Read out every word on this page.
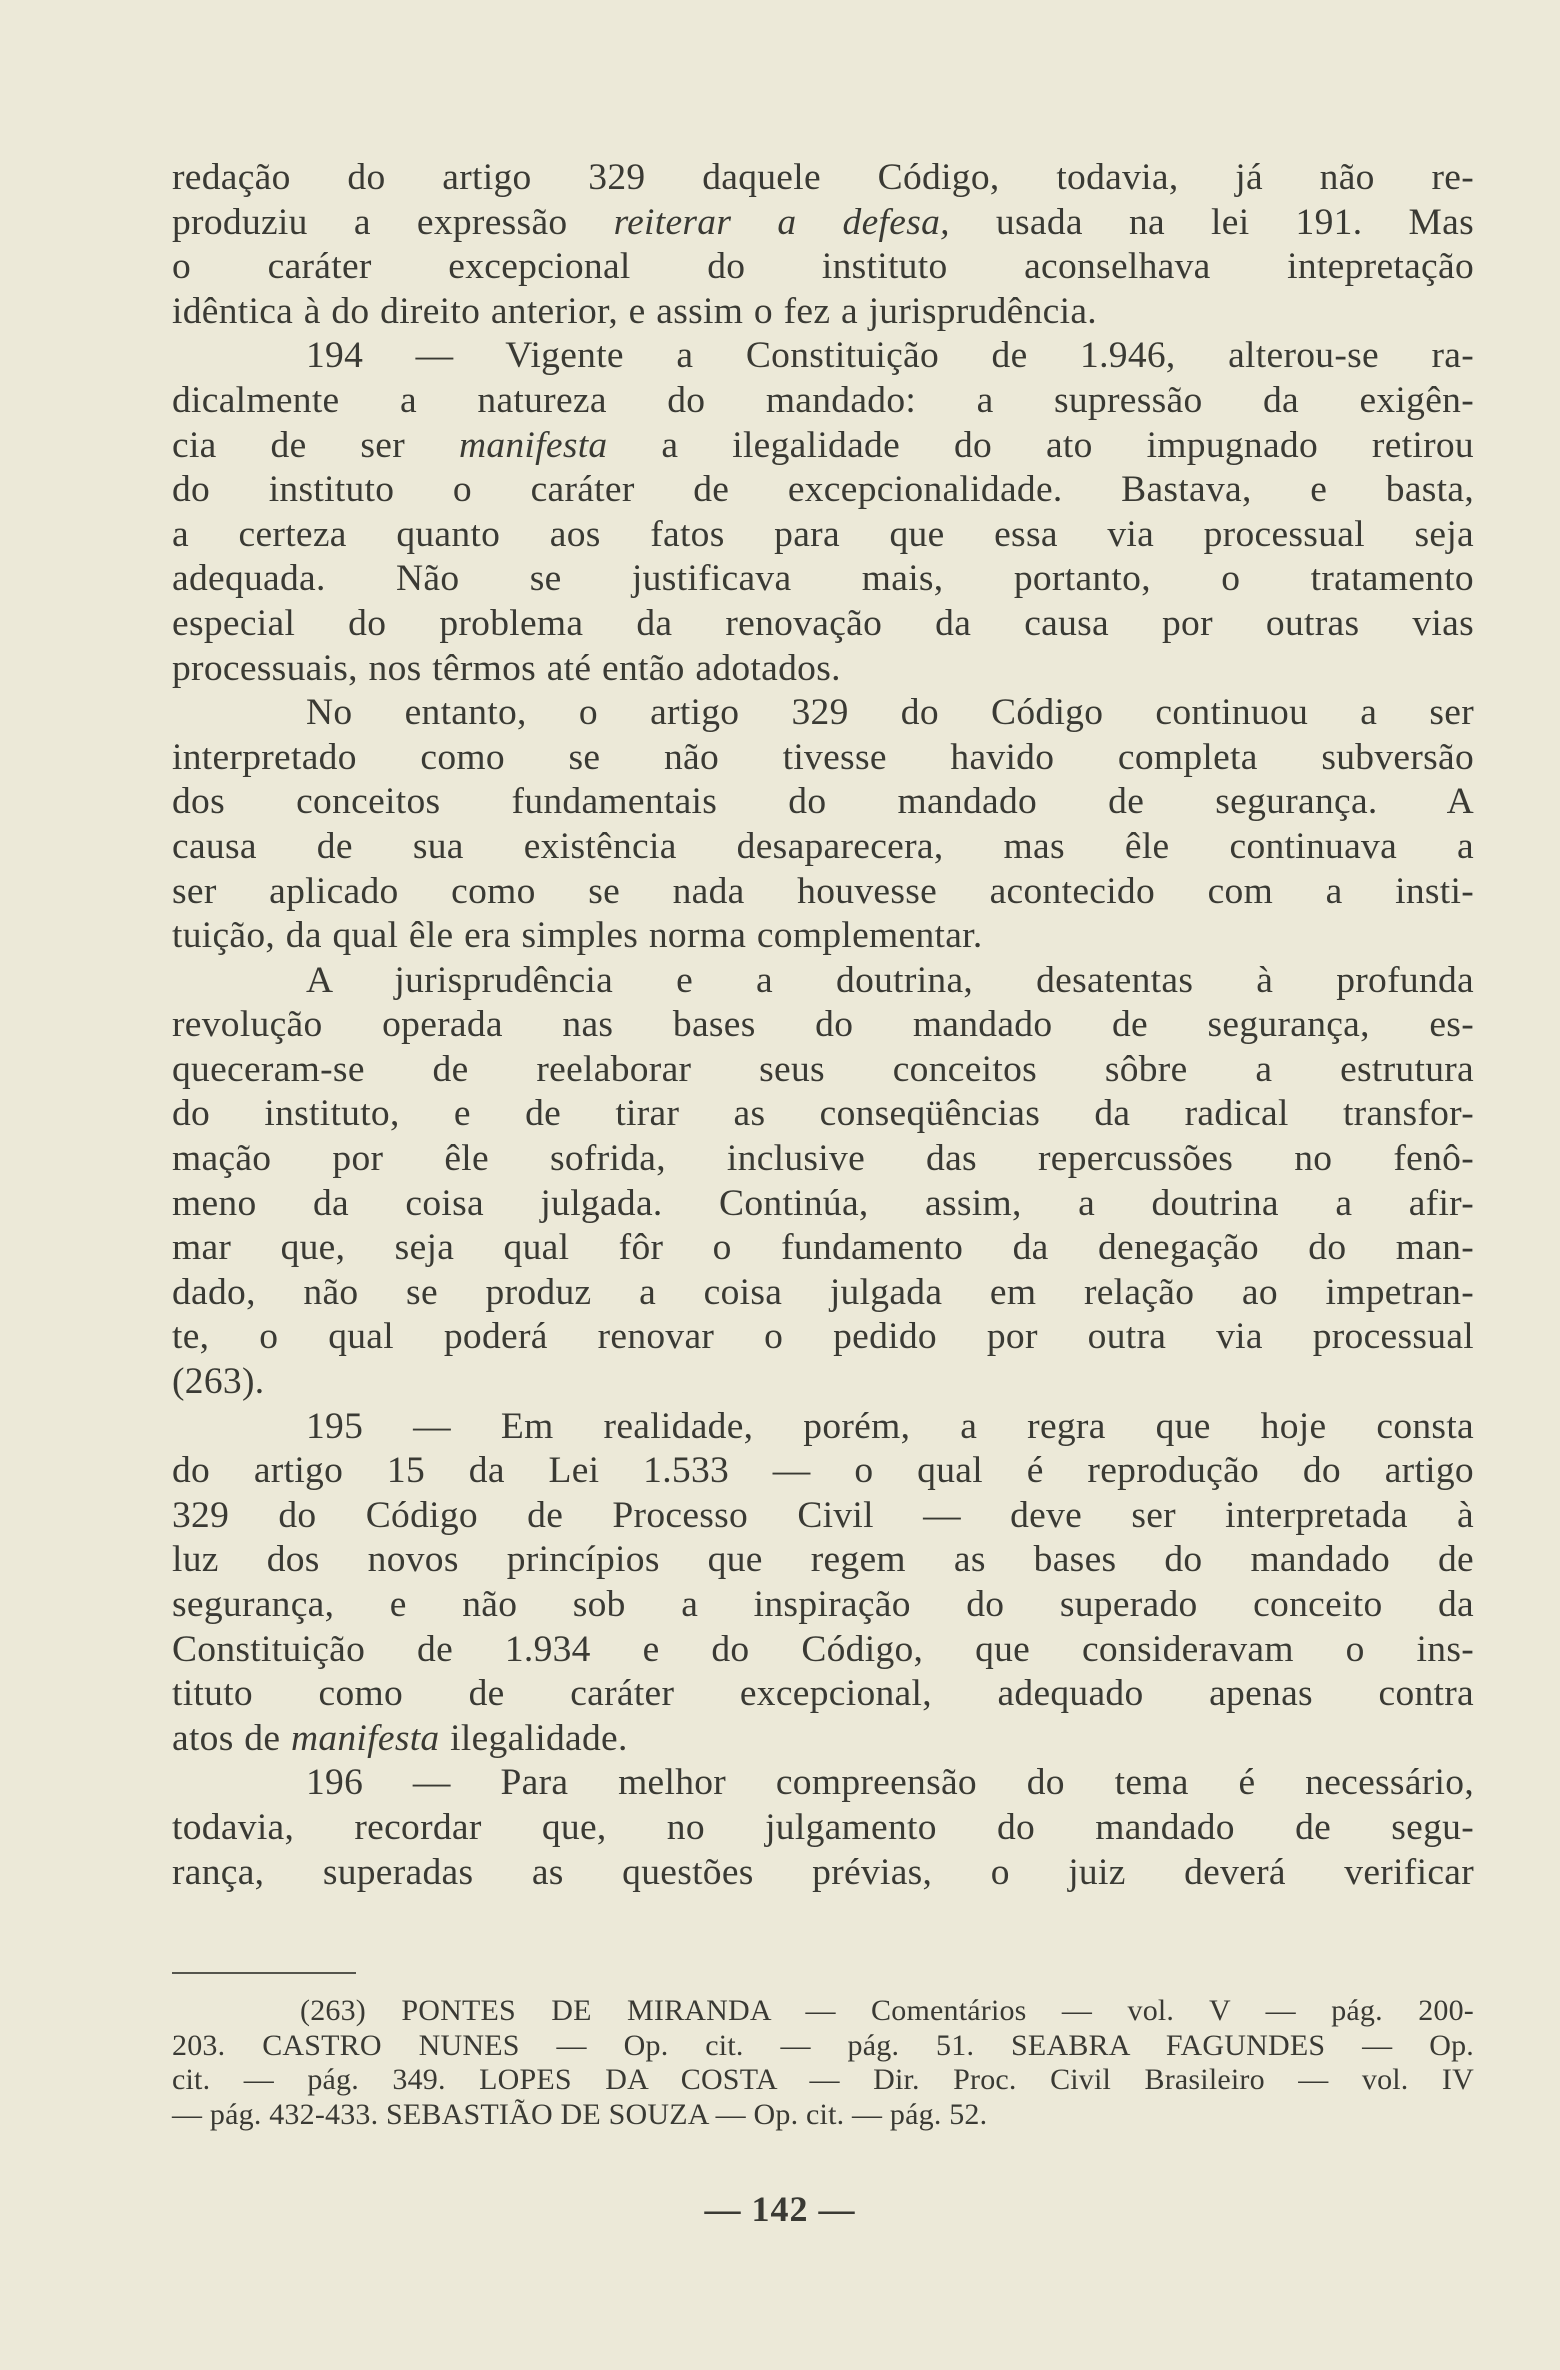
redação do artigo 329 daquele Código, todavia, já não re-
produziu a expressão reiterar a defesa, usada na lei 191. Mas
o caráter excepcional do instituto aconselhava intepretação
idêntica à do direito anterior, e assim o fez a jurisprudência.
194 — Vigente a Constituição de 1.946, alterou-se ra-
dicalmente a natureza do mandado: a supressão da exigên-
cia de ser manifesta a ilegalidade do ato impugnado retirou
do instituto o caráter de excepcionalidade. Bastava, e basta,
a certeza quanto aos fatos para que essa via processual seja
adequada. Não se justificava mais, portanto, o tratamento
especial do problema da renovação da causa por outras vias
processuais, nos têrmos até então adotados.
No entanto, o artigo 329 do Código continuou a ser
interpretado como se não tivesse havido completa subversão
dos conceitos fundamentais do mandado de segurança. A
causa de sua existência desaparecera, mas êle continuava a
ser aplicado como se nada houvesse acontecido com a insti-
tuição, da qual êle era simples norma complementar.
A jurisprudência e a doutrina, desatentas à profunda
revolução operada nas bases do mandado de segurança, es-
queceram-se de reelaborar seus conceitos sôbre a estrutura
do instituto, e de tirar as conseqüências da radical transfor-
mação por êle sofrida, inclusive das repercussões no fenô-
meno da coisa julgada. Continúa, assim, a doutrina a afir-
mar que, seja qual fôr o fundamento da denegação do man-
dado, não se produz a coisa julgada em relação ao impetran-
te, o qual poderá renovar o pedido por outra via processual
(263).
195 — Em realidade, porém, a regra que hoje consta
do artigo 15 da Lei 1.533 — o qual é reprodução do artigo
329 do Código de Processo Civil — deve ser interpretada à
luz dos novos princípios que regem as bases do mandado de
segurança, e não sob a inspiração do superado conceito da
Constituição de 1.934 e do Código, que consideravam o ins-
tituto como de caráter excepcional, adequado apenas contra
atos de manifesta ilegalidade.
196 — Para melhor compreensão do tema é necessário,
todavia, recordar que, no julgamento do mandado de segu-
rança, superadas as questões prévias, o juiz deverá verificar
(263) PONTES DE MIRANDA — Comentários — vol. V — pág. 200-
203. CASTRO NUNES — Op. cit. — pág. 51. SEABRA FAGUNDES — Op.
cit. — pág. 349. LOPES DA COSTA — Dir. Proc. Civil Brasileiro — vol. IV
— pág. 432-433. SEBASTIÃO DE SOUZA — Op. cit. — pág. 52.
— 142 —
